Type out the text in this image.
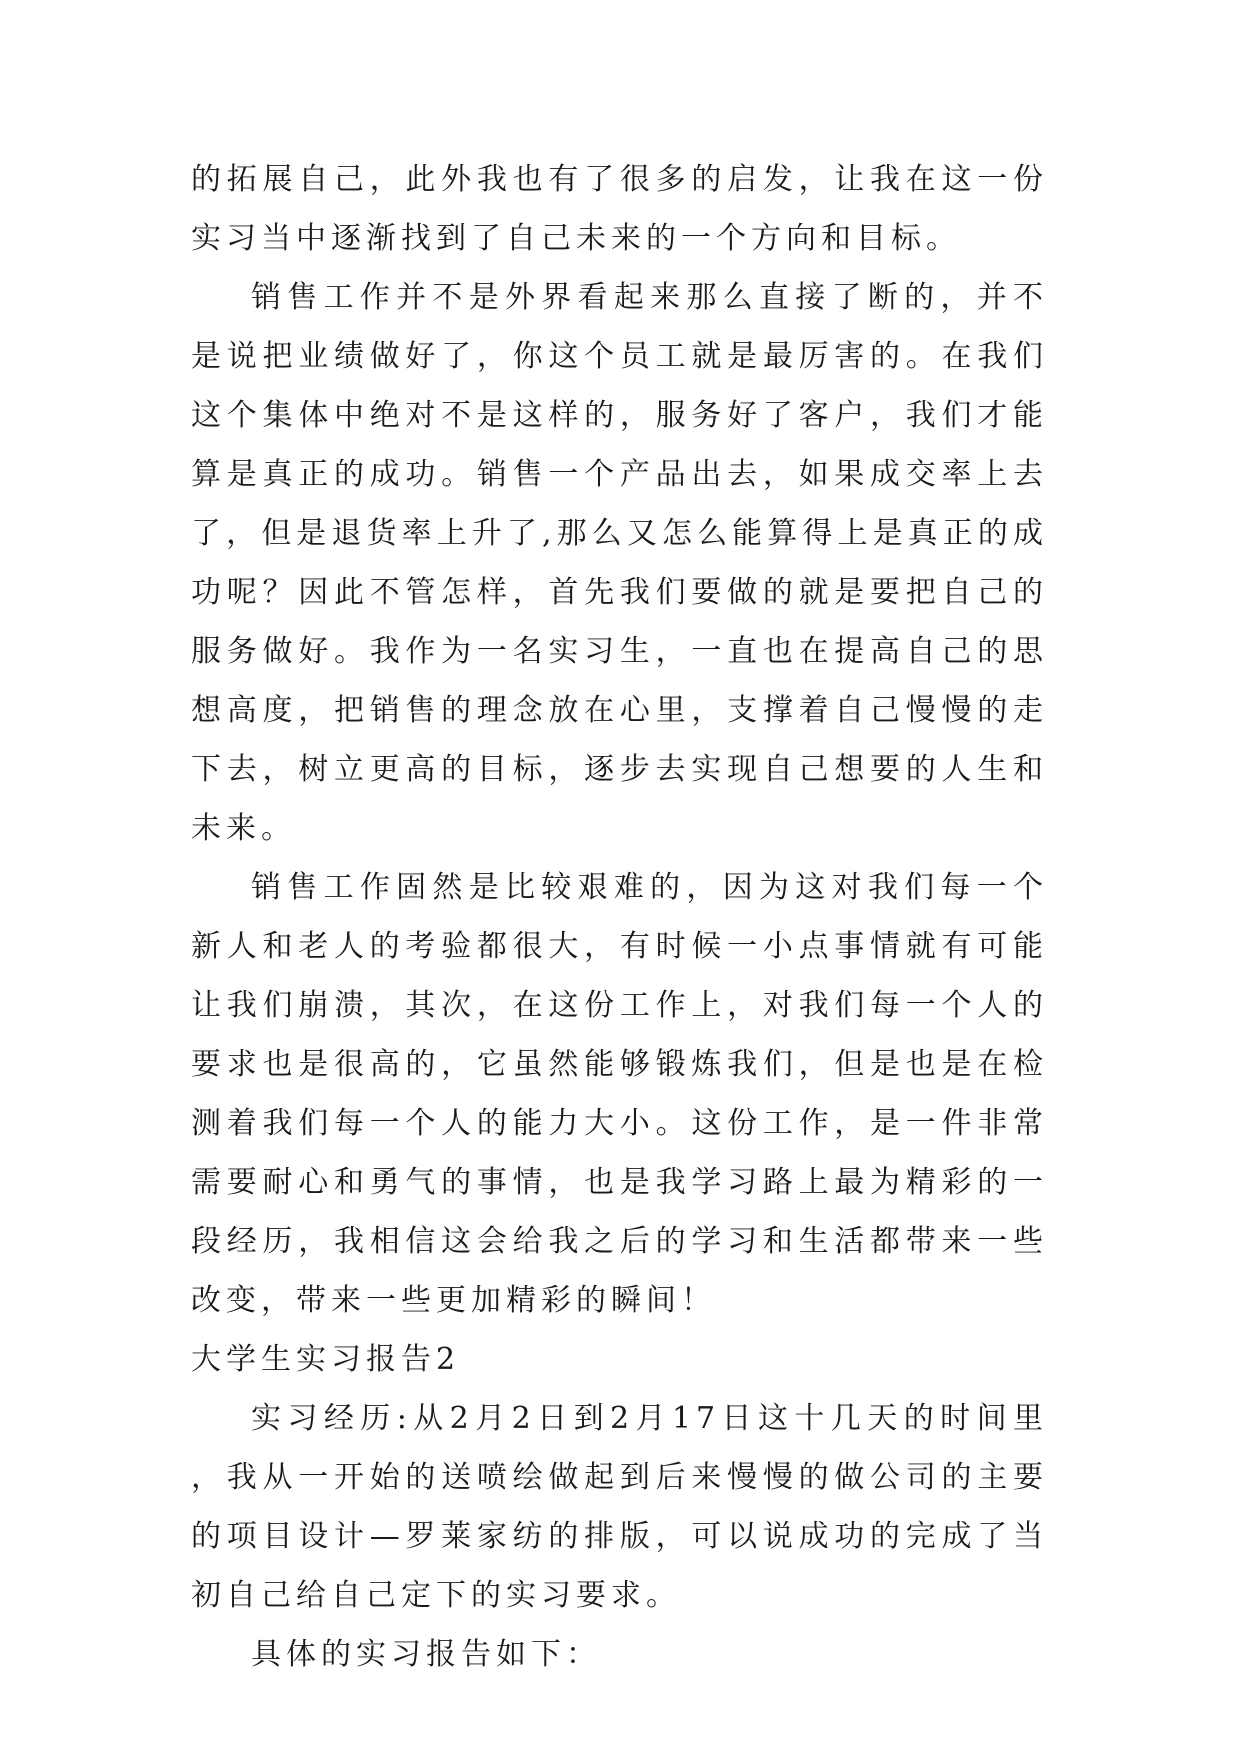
的拓展自己，此外我也有了很多的启发，让我在这一份实习当中逐渐找到了自己未来的一个方向和目标。

销售工作并不是外界看起来那么直接了断的，并不是说把业绩做好了，你这个员工就是最厉害的。在我们这个集体中绝对不是这样的，服务好了客户，我们才能算是真正的成功。销售一个产品出去，如果成交率上去了，但是退货率上升了,那么又怎么能算得上是真正的成功呢？因此不管怎样，首先我们要做的就是要把自己的服务做好。我作为一名实习生，一直也在提高自己的思想高度，把销售的理念放在心里，支撑着自己慢慢的走下去，树立更高的目标，逐步去实现自己想要的人生和未来。

销售工作固然是比较艰难的，因为这对我们每一个新人和老人的考验都很大，有时候一小点事情就有可能让我们崩溃，其次，在这份工作上，对我们每一个人的要求也是很高的，它虽然能够锻炼我们，但是也是在检测着我们每一个人的能力大小。这份工作，是一件非常需要耐心和勇气的事情，也是我学习路上最为精彩的一段经历，我相信这会给我之后的学习和生活都带来一些改变，带来一些更加精彩的瞬间！

大学生实习报告2

实习经历:从2月2日到2月17日这十几天的时间里，我从一开始的送喷绘做起到后来慢慢的做公司的主要的项目设计—罗莱家纺的排版，可以说成功的完成了当初自己给自己定下的实习要求。

具体的实习报告如下：
